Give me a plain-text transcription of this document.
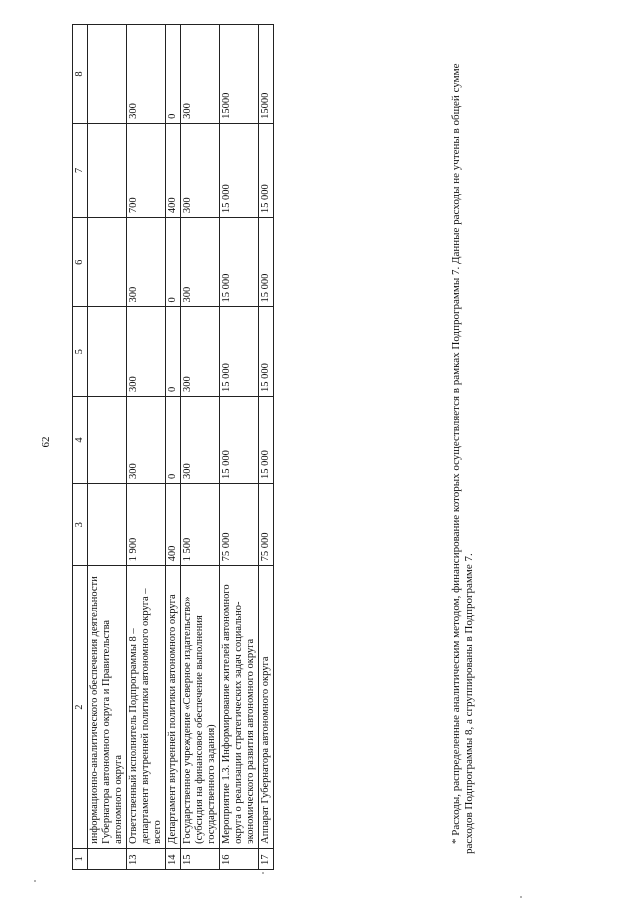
62
1	2	3	4	5	6	7	8
	информационно-аналитического обеспечения деятельности Губернатора автономного округа и Правительства автономного округа						
13	Ответственный исполнитель Подпрограммы 8 – департамент внутренней политики автономного округа – всего	1 900	300	300	300	700	300
14	Департамент внутренней политики автономного округа	400	0	0	0	400	0
15	Государственное учреждение «Северное издательство» (субсидия на финансовое обеспечение выполнения государственного задания)	1 500	300	300	300	300	300
16	Мероприятие 1.3. Информирование жителей автономного округа о реализации стратегических задач социально-экономического развития автономного округа	75 000	15 000	15 000	15 000	15 000	15000
17	Аппарат Губернатора автономного округа	75 000	15 000	15 000	15 000	15 000	15000	* Расходы, распределенные аналитическим методом, финансирование которых осуществляется в рамках Подпрограммы 7. Данные расходы не учтены в общей сумме расходов Подпрограммы 8, а сгруппированы в Подпрограмме 7.
